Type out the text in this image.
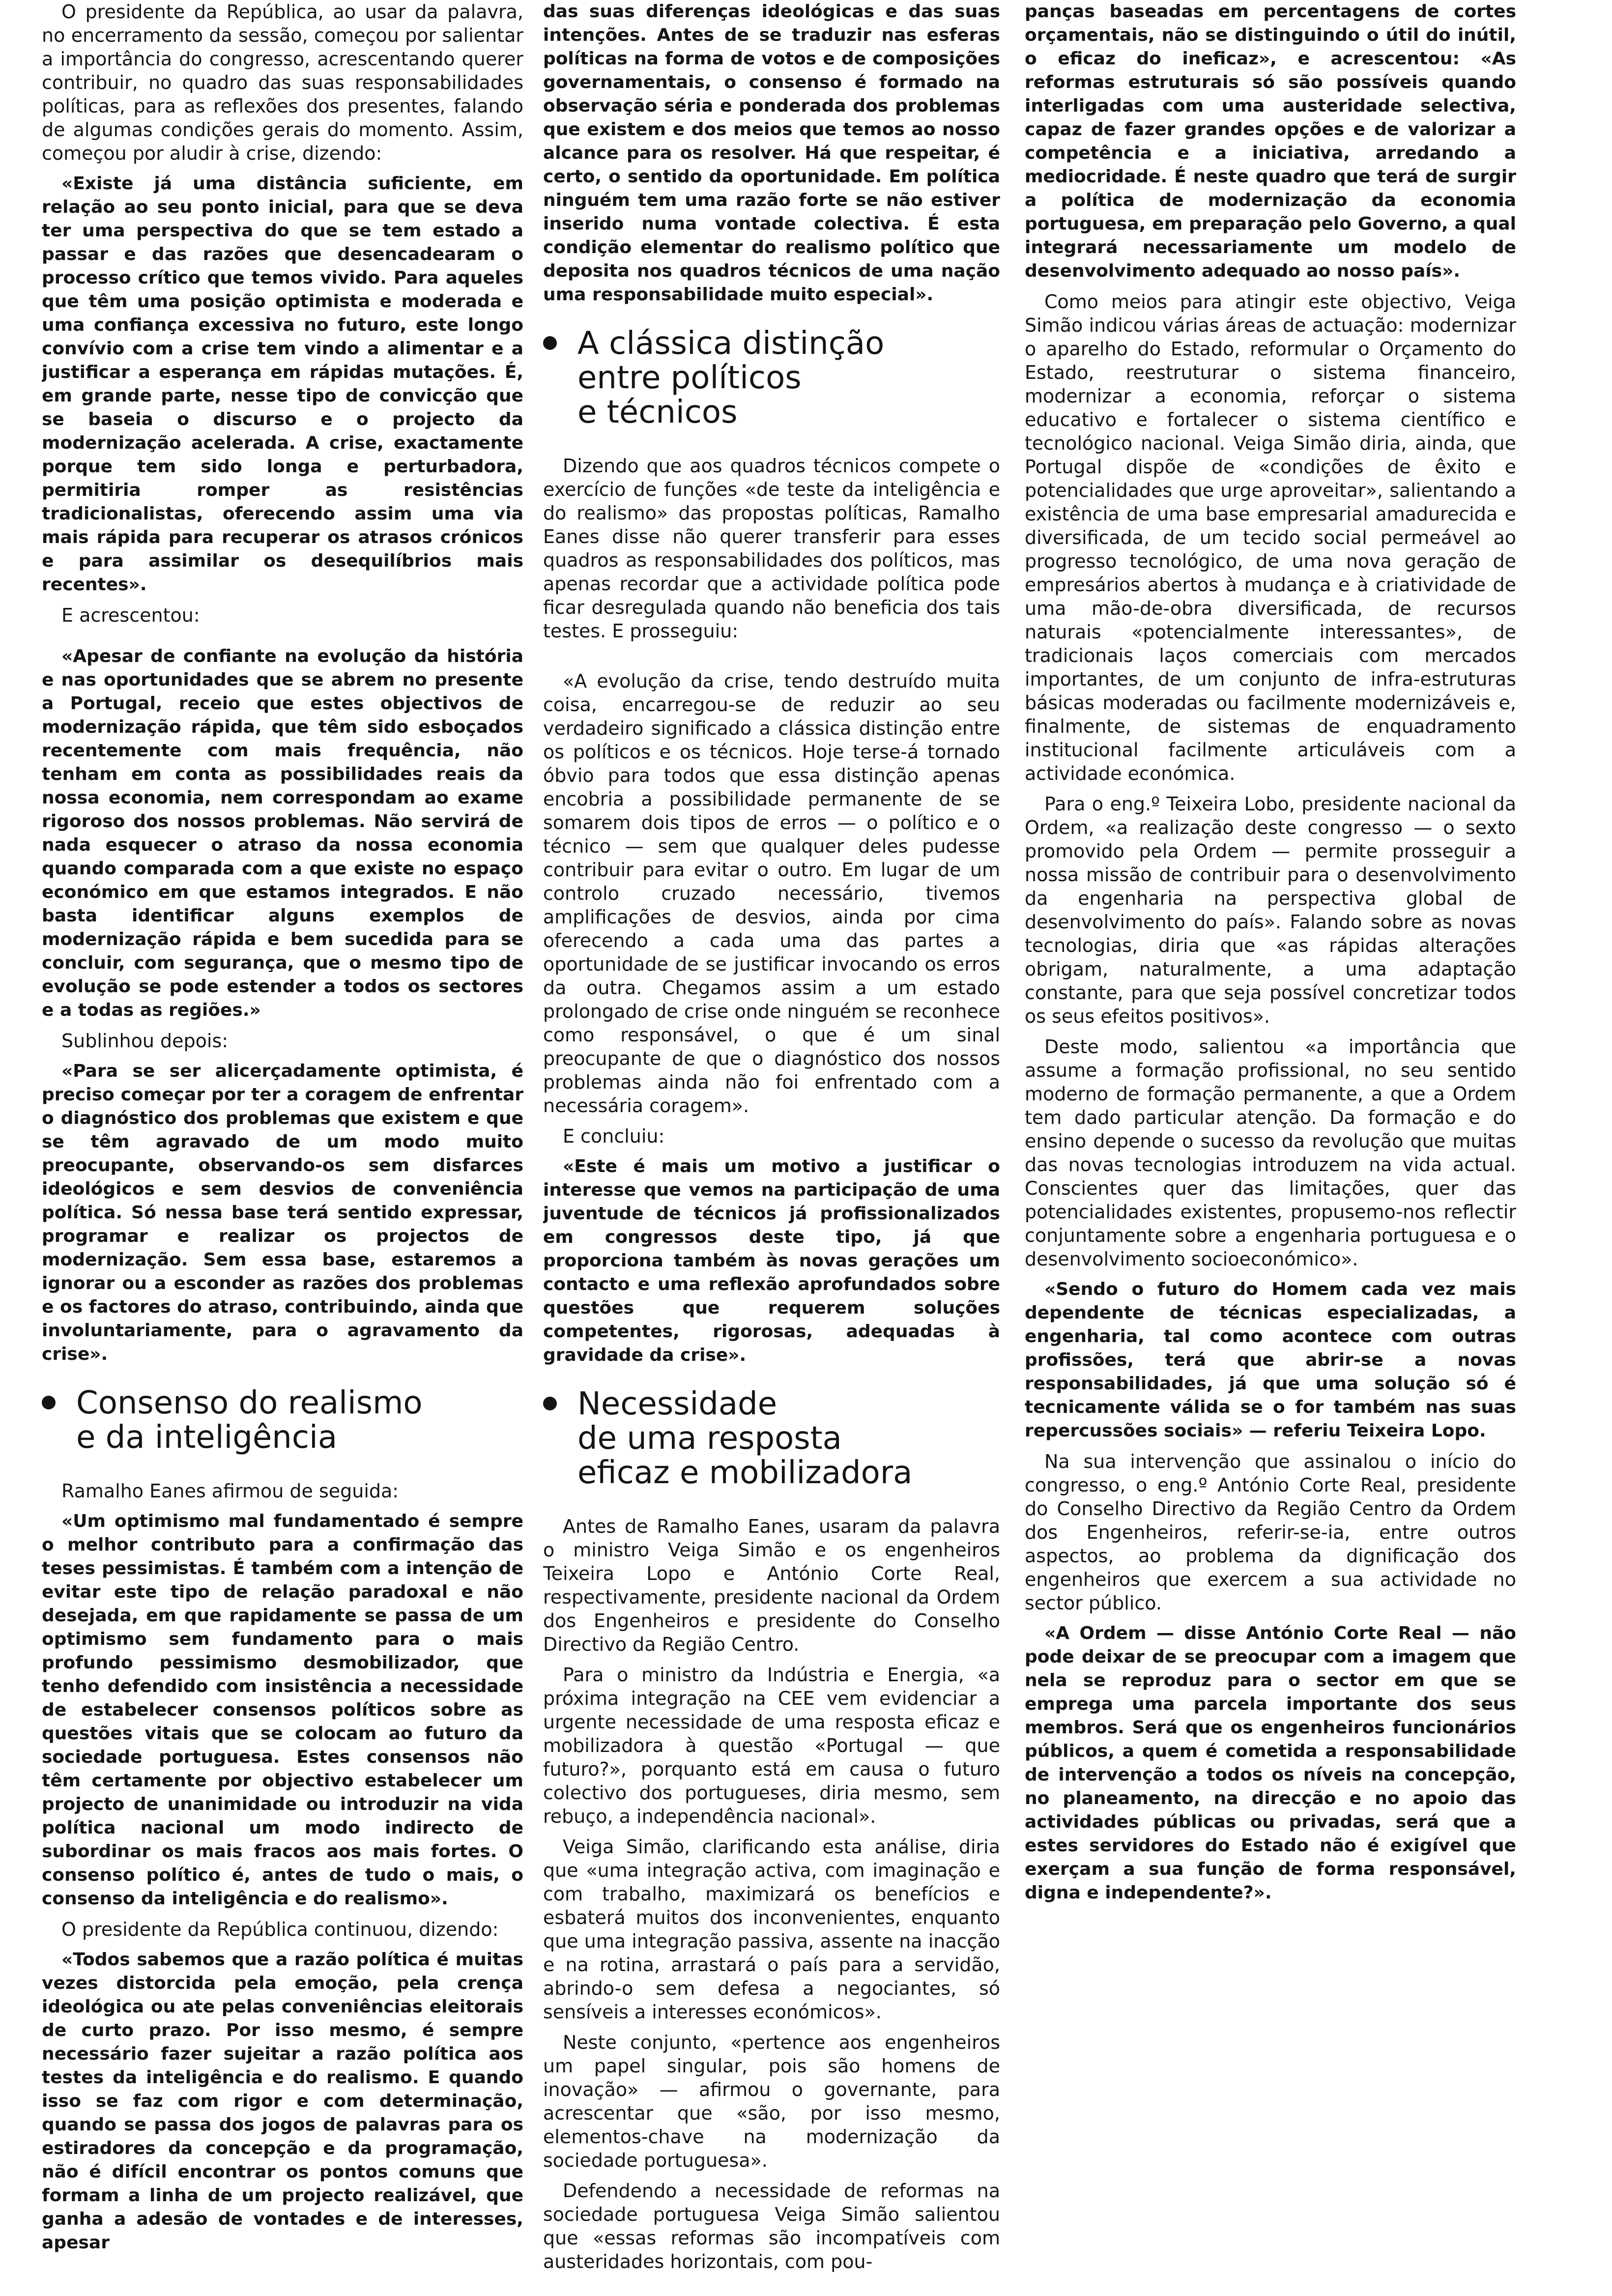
O presidente da República, ao usar da palavra, no encerramento da sessão, começou por salientar a importância do congresso, acrescentando querer contribuir, no quadro das suas responsabilidades políticas, para as reflexões dos presentes, falando de algumas condições gerais do momento. Assim, começou por aludir à crise, dizendo:

«Existe já uma distância suficiente, em relação ao seu ponto inicial, para que se deva ter uma perspectiva do que se tem estado a passar e das razões que desencadearam o processo crítico que temos vivido. Para aqueles que têm uma posição optimista e moderada e uma confiança excessiva no futuro, este longo convívio com a crise tem vindo a alimentar e a justificar a esperança em rápidas mutações. É, em grande parte, nesse tipo de convicção que se baseia o discurso e o projecto da modernização acelerada. A crise, exactamente porque tem sido longa e perturbadora, permitiria romper as resistências tradicionalistas, oferecendo assim uma via mais rápida para recuperar os atrasos crónicos e para assimilar os desequilíbrios mais recentes».

E acrescentou:

«Apesar de confiante na evolução da história e nas oportunidades que se abrem no presente a Portugal, receio que estes objectivos de modernização rápida, que têm sido esboçados recentemente com mais frequência, não tenham em conta as possibilidades reais da nossa economia, nem correspondam ao exame rigoroso dos nossos problemas. Não servirá de nada esquecer o atraso da nossa economia quando comparada com a que existe no espaço económico em que estamos integrados. E não basta identificar alguns exemplos de modernização rápida e bem sucedida para se concluir, com segurança, que o mesmo tipo de evolução se pode estender a todos os sectores e a todas as regiões.»

Sublinhou depois:

«Para se ser alicerçadamente optimista, é preciso começar por ter a coragem de enfrentar o diagnóstico dos problemas que existem e que se têm agravado de um modo muito preocupante, observando-os sem disfarces ideológicos e sem desvios de conveniência política. Só nessa base terá sentido expressar, programar e realizar os projectos de modernização. Sem essa base, estaremos a ignorar ou a esconder as razões dos problemas e os factores do atraso, contribuindo, ainda que involuntariamente, para o agravamento da crise».

Consenso do realismo
e da inteligência

Ramalho Eanes afirmou de seguida:

«Um optimismo mal fundamentado é sempre o melhor contributo para a confirmação das teses pessimistas. É também com a intenção de evitar este tipo de relação paradoxal e não desejada, em que rapidamente se passa de um optimismo sem fundamento para o mais profundo pessimismo desmobilizador, que tenho defendido com insistência a necessidade de estabelecer consensos políticos sobre as questões vitais que se colocam ao futuro da sociedade portuguesa. Estes consensos não têm certamente por objectivo estabelecer um projecto de unanimidade ou introduzir na vida política nacional um modo indirecto de subordinar os mais fracos aos mais fortes. O consenso político é, antes de tudo o mais, o consenso da inteligência e do realismo».

O presidente da República continuou, dizendo:

«Todos sabemos que a razão política é muitas vezes distorcida pela emoção, pela crença ideológica ou ate pelas conveniências eleitorais de curto prazo. Por isso mesmo, é sempre necessário fazer sujeitar a razão política aos testes da inteligência e do realismo. E quando isso se faz com rigor e com determinação, quando se passa dos jogos de palavras para os estiradores da concepção e da programação, não é difícil encontrar os pontos comuns que formam a linha de um projecto realizável, que ganha a adesão de vontades e de interesses, apesar

das suas diferenças ideológicas e das suas intenções. Antes de se traduzir nas esferas políticas na forma de votos e de composições governamentais, o consenso é formado na observação séria e ponderada dos problemas que existem e dos meios que temos ao nosso alcance para os resolver. Há que respeitar, é certo, o sentido da oportunidade. Em política ninguém tem uma razão forte se não estiver inserido numa vontade colectiva. É esta condição elementar do realismo político que deposita nos quadros técnicos de uma nação uma responsabilidade muito especial».

A clássica distinção
entre políticos
e técnicos

Dizendo que aos quadros técnicos compete o exercício de funções «de teste da inteligência e do realismo» das propostas políticas, Ramalho Eanes disse não querer transferir para esses quadros as responsabilidades dos políticos, mas apenas recordar que a actividade política pode ficar desregulada quando não beneficia dos tais testes. E prosseguiu:

«A evolução da crise, tendo destruído muita coisa, encarregou-se de reduzir ao seu verdadeiro significado a clássica distinção entre os políticos e os técnicos. Hoje terse-á tornado óbvio para todos que essa distinção apenas encobria a possibilidade permanente de se somarem dois tipos de erros — o político e o técnico — sem que qualquer deles pudesse contribuir para evitar o outro. Em lugar de um controlo cruzado necessário, tivemos amplificações de desvios, ainda por cima oferecendo a cada uma das partes a oportunidade de se justificar invocando os erros da outra. Chegamos assim a um estado prolongado de crise onde ninguém se reconhece como responsável, o que é um sinal preocupante de que o diagnóstico dos nossos problemas ainda não foi enfrentado com a necessária coragem».

E concluiu:

«Este é mais um motivo a justificar o interesse que vemos na participação de uma juventude de técnicos já profissionalizados em congressos deste tipo, já que proporciona também às novas gerações um contacto e uma reflexão aprofundados sobre questões que requerem soluções competentes, rigorosas, adequadas à gravidade da crise».

Necessidade
de uma resposta
eficaz e mobilizadora

Antes de Ramalho Eanes, usaram da palavra o ministro Veiga Simão e os engenheiros Teixeira Lopo e António Corte Real, respectivamente, presidente nacional da Ordem dos Engenheiros e presidente do Conselho Directivo da Região Centro.

Para o ministro da Indústria e Energia, «a próxima integração na CEE vem evidenciar a urgente necessidade de uma resposta eficaz e mobilizadora à questão «Portugal — que futuro?», porquanto está em causa o futuro colectivo dos portugueses, diria mesmo, sem rebuço, a independência nacional».

Veiga Simão, clarificando esta análise, diria que «uma integração activa, com imaginação e com trabalho, maximizará os benefícios e esbaterá muitos dos inconvenientes, enquanto que uma integração passiva, assente na inacção e na rotina, arrastará o país para a servidão, abrindo-o sem defesa a negociantes, só sensíveis a interesses económicos».

Neste conjunto, «pertence aos engenheiros um papel singular, pois são homens de inovação» — afirmou o governante, para acrescentar que «são, por isso mesmo, elementos-chave na modernização da sociedade portuguesa».

Defendendo a necessidade de reformas na sociedade portuguesa Veiga Simão salientou que «essas reformas são incompatíveis com austeridades horizontais, com pou-

panças baseadas em percentagens de cortes orçamentais, não se distinguindo o útil do inútil, o eficaz do ineficaz», e acrescentou: «As reformas estruturais só são possíveis quando interligadas com uma austeridade selectiva, capaz de fazer grandes opções e de valorizar a competência e a iniciativa, arredando a mediocridade. É neste quadro que terá de surgir a política de modernização da economia portuguesa, em preparação pelo Governo, a qual integrará necessariamente um modelo de desenvolvimento adequado ao nosso país».

Como meios para atingir este objectivo, Veiga Simão indicou várias áreas de actuação: modernizar o aparelho do Estado, reformular o Orçamento do Estado, reestruturar o sistema financeiro, modernizar a economia, reforçar o sistema educativo e fortalecer o sistema científico e tecnológico nacional. Veiga Simão diria, ainda, que Portugal dispõe de «condições de êxito e potencialidades que urge aproveitar», salientando a existência de uma base empresarial amadurecida e diversificada, de um tecido social permeável ao progresso tecnológico, de uma nova geração de empresários abertos à mudança e à criatividade de uma mão-de-obra diversificada, de recursos naturais «potencialmente interessantes», de tradicionais laços comerciais com mercados importantes, de um conjunto de infra-estruturas básicas moderadas ou facilmente modernizáveis e, finalmente, de sistemas de enquadramento institucional facilmente articuláveis com a actividade económica.

Para o eng.º Teixeira Lobo, presidente nacional da Ordem, «a realização deste congresso — o sexto promovido pela Ordem — permite prosseguir a nossa missão de contribuir para o desenvolvimento da engenharia na perspectiva global de desenvolvimento do país». Falando sobre as novas tecnologias, diria que «as rápidas alterações obrigam, naturalmente, a uma adaptação constante, para que seja possível concretizar todos os seus efeitos positivos».

Deste modo, salientou «a importância que assume a formação profissional, no seu sentido moderno de formação permanente, a que a Ordem tem dado particular atenção. Da formação e do ensino depende o sucesso da revolução que muitas das novas tecnologias introduzem na vida actual. Conscientes quer das limitações, quer das potencialidades existentes, propusemo-nos reflectir conjuntamente sobre a engenharia portuguesa e o desenvolvimento socioeconómico».

«Sendo o futuro do Homem cada vez mais dependente de técnicas especializadas, a engenharia, tal como acontece com outras profissões, terá que abrir-se a novas responsabilidades, já que uma solução só é tecnicamente válida se o for também nas suas repercussões sociais» — referiu Teixeira Lopo.

Na sua intervenção que assinalou o início do congresso, o eng.º António Corte Real, presidente do Conselho Directivo da Região Centro da Ordem dos Engenheiros, referir-se-ia, entre outros aspectos, ao problema da dignificação dos engenheiros que exercem a sua actividade no sector público.

«A Ordem — disse António Corte Real — não pode deixar de se preocupar com a imagem que nela se reproduz para o sector em que se emprega uma parcela importante dos seus membros. Será que os engenheiros funcionários públicos, a quem é cometida a responsabilidade de intervenção a todos os níveis na concepção, no planeamento, na direcção e no apoio das actividades públicas ou privadas, será que a estes servidores do Estado não é exigível que exerçam a sua função de forma responsável, digna e independente?».
